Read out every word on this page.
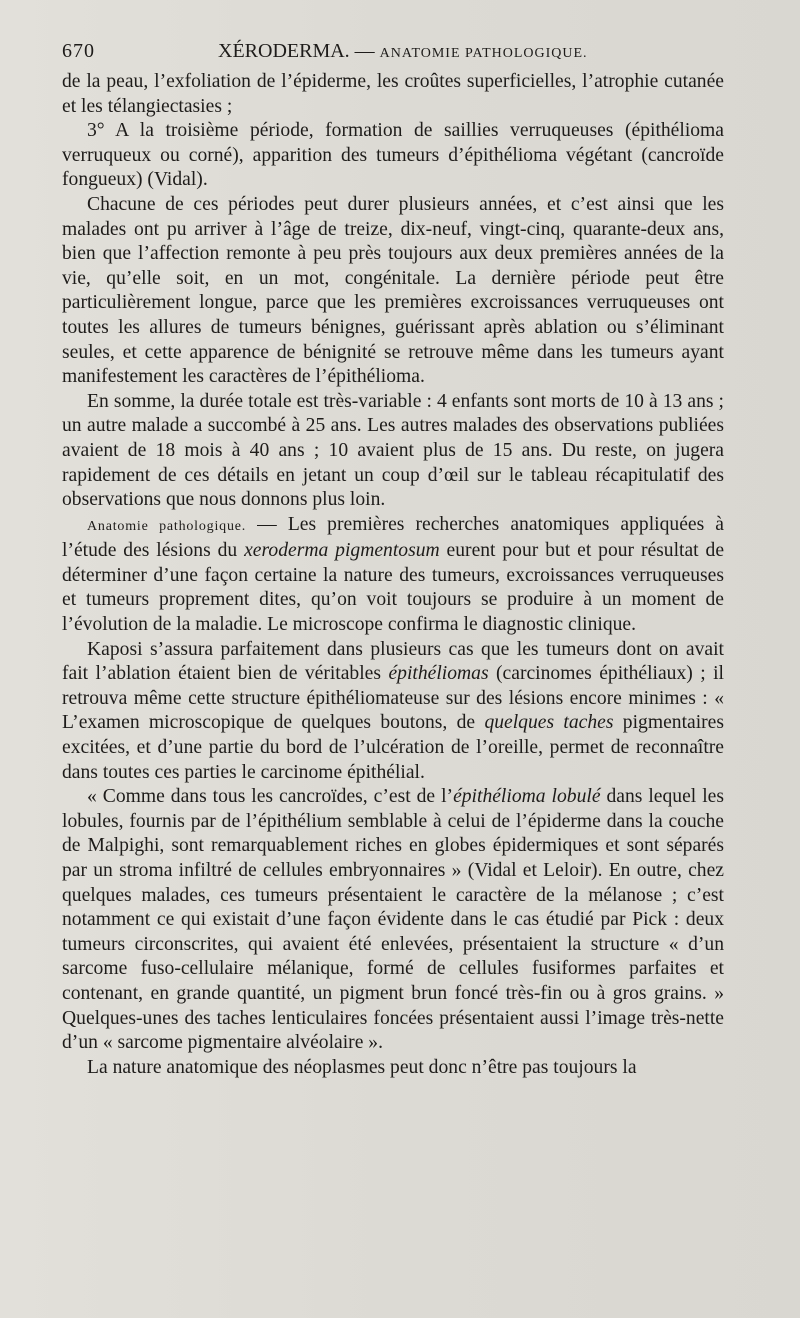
670	XÉRODERMA. — ANATOMIE PATHOLOGIQUE.

de la peau, l’exfoliation de l’épiderme, les croûtes superficielles, l’atrophie cutanée et les télangiectasies ;

3° A la troisième période, formation de saillies verruqueuses (épithélioma verruqueux ou corné), apparition des tumeurs d’épithélioma végétant (cancroïde fongueux) (Vidal).

Chacune de ces périodes peut durer plusieurs années, et c’est ainsi que les malades ont pu arriver à l’âge de treize, dix-neuf, vingt-cinq, quarante-deux ans, bien que l’affection remonte à peu près toujours aux deux premières années de la vie, qu’elle soit, en un mot, congénitale. La dernière période peut être particulièrement longue, parce que les premières excroissances verruqueuses ont toutes les allures de tumeurs bénignes, guérissant après ablation ou s’éliminant seules, et cette apparence de bénignité se retrouve même dans les tumeurs ayant manifestement les caractères de l’épithélioma.

En somme, la durée totale est très-variable : 4 enfants sont morts de 10 à 13 ans ; un autre malade a succombé à 25 ans. Les autres malades des observations publiées avaient de 18 mois à 40 ans ; 10 avaient plus de 15 ans. Du reste, on jugera rapidement de ces détails en jetant un coup d’œil sur le tableau récapitulatif des observations que nous donnons plus loin.

Anatomie pathologique. — Les premières recherches anatomiques appliquées à l’étude des lésions du xeroderma pigmentosum eurent pour but et pour résultat de déterminer d’une façon certaine la nature des tumeurs, excroissances verruqueuses et tumeurs proprement dites, qu’on voit toujours se produire à un moment de l’évolution de la maladie. Le microscope confirma le diagnostic clinique.

Kaposi s’assura parfaitement dans plusieurs cas que les tumeurs dont on avait fait l’ablation étaient bien de véritables épithéliomas (carcinomes épithéliaux) ; il retrouva même cette structure épithéliomateuse sur des lésions encore minimes : « L’examen microscopique de quelques boutons, de quelques taches pigmentaires excitées, et d’une partie du bord de l’ulcération de l’oreille, permet de reconnaître dans toutes ces parties le carcinome épithélial.

« Comme dans tous les cancroïdes, c’est de l’épithélioma lobulé dans lequel les lobules, fournis par de l’épithélium semblable à celui de l’épiderme dans la couche de Malpighi, sont remarquablement riches en globes épidermiques et sont séparés par un stroma infiltré de cellules embryonnaires » (Vidal et Leloir). En outre, chez quelques malades, ces tumeurs présentaient le caractère de la mélanose ; c’est notamment ce qui existait d’une façon évidente dans le cas étudié par Pick : deux tumeurs circonscrites, qui avaient été enlevées, présentaient la structure « d’un sarcome fuso-cellulaire mélanique, formé de cellules fusiformes parfaites et contenant, en grande quantité, un pigment brun foncé très-fin ou à gros grains. » Quelques-unes des taches lenticulaires foncées présentaient aussi l’image très-nette d’un « sarcome pigmentaire alvéolaire ».

La nature anatomique des néoplasmes peut donc n’être pas toujours la
